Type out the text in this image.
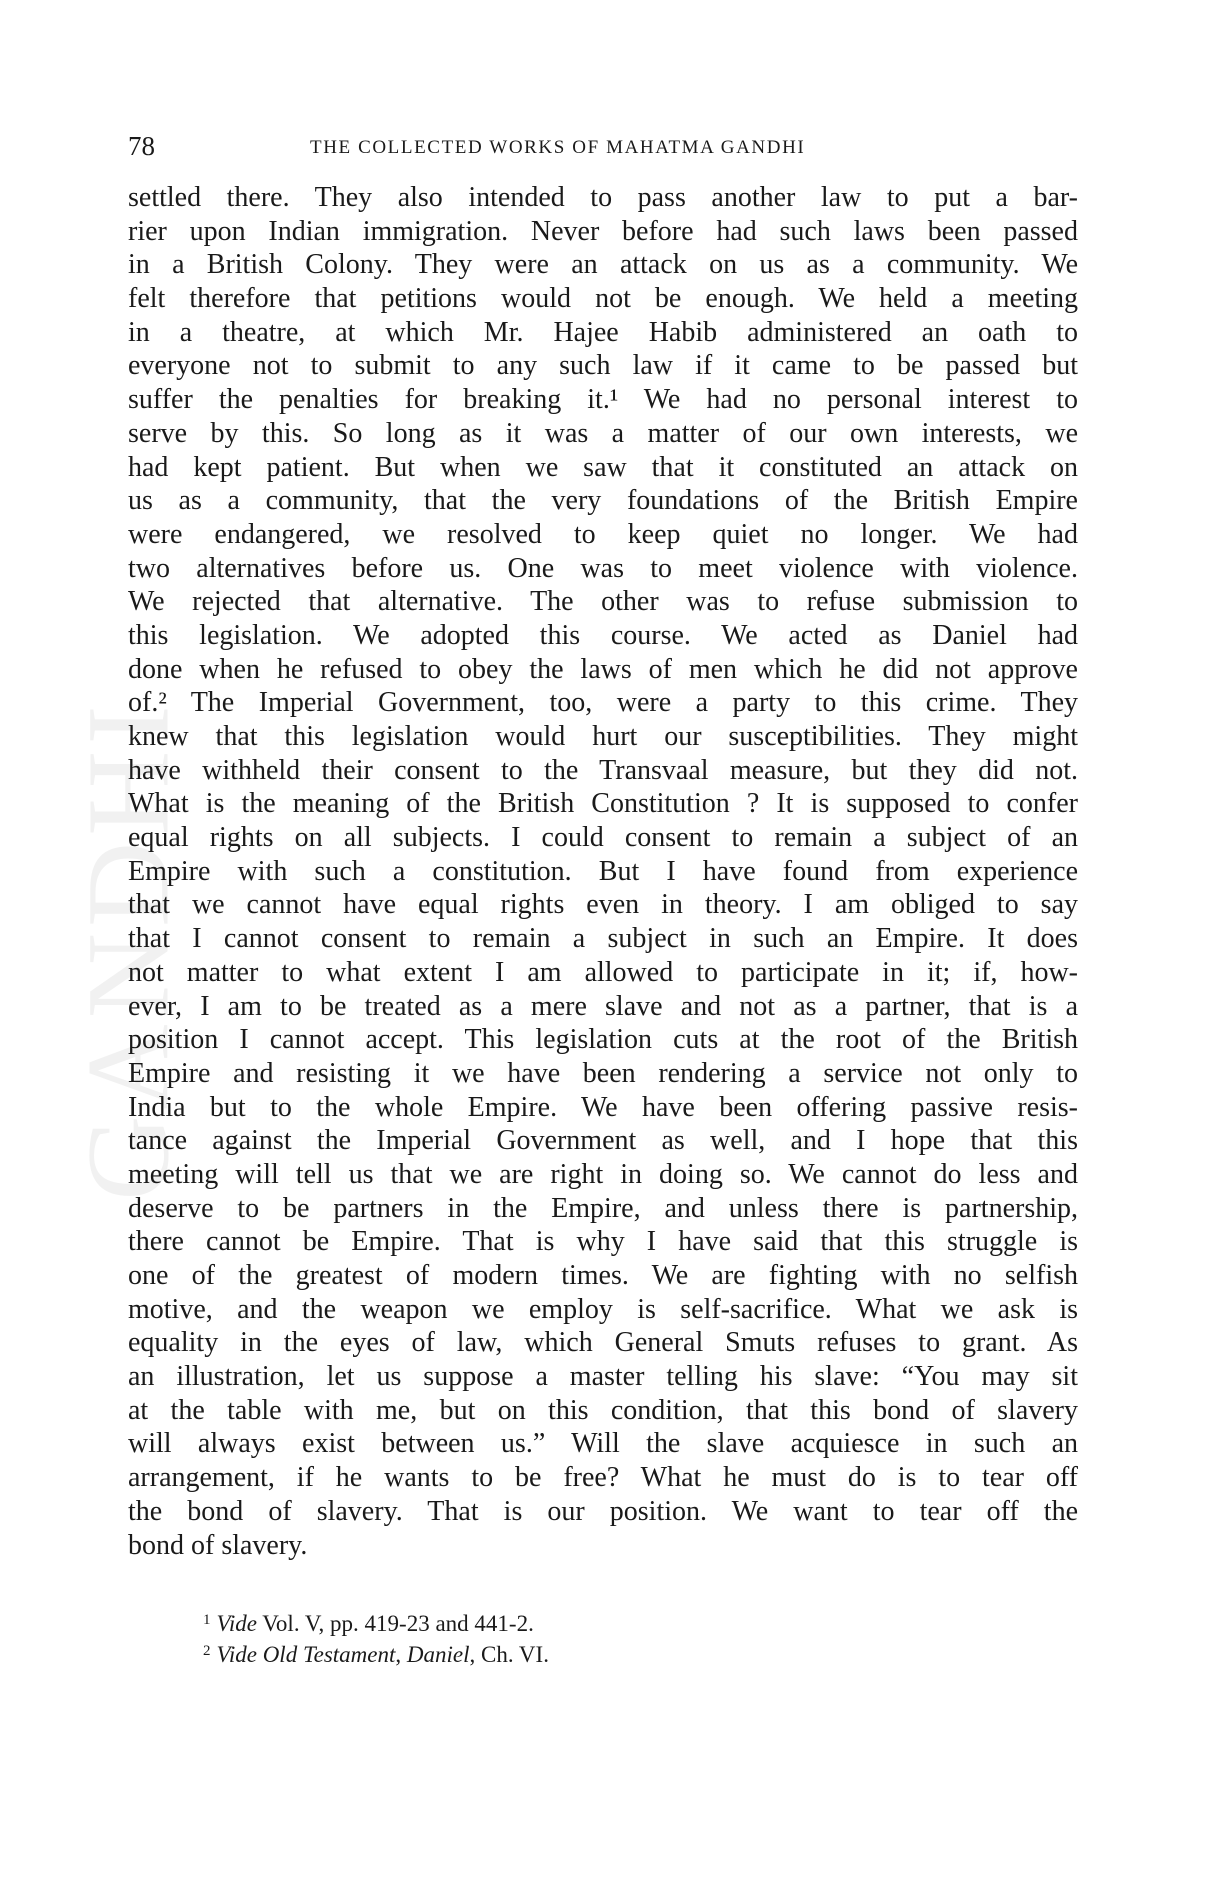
GANDHI
78	THE COLLECTED WORKS OF MAHATMA GANDHI
settled there. They also intended to pass another law to put a bar-
rier upon Indian immigration. Never before had such laws been passed
in a British Colony. They were an attack on us as a community. We
felt therefore that petitions would not be enough. We held a meeting
in a theatre, at which Mr. Hajee Habib administered an oath to
everyone not to submit to any such law if it came to be passed but
suffer the penalties for breaking it.¹ We had no personal interest to
serve by this. So long as it was a matter of our own interests, we
had kept patient. But when we saw that it constituted an attack on
us as a community, that the very foundations of the British Empire
were endangered, we resolved to keep quiet no longer. We had
two alternatives before us. One was to meet violence with violence.
We rejected that alternative. The other was to refuse submission to
this legislation. We adopted this course. We acted as Daniel had
done when he refused to obey the laws of men which he did not approve
of.² The Imperial Government, too, were a party to this crime. They
knew that this legislation would hurt our susceptibilities. They might
have withheld their consent to the Transvaal measure, but they did not.
What is the meaning of the British Constitution ? It is supposed to confer
equal rights on all subjects. I could consent to remain a subject of an
Empire with such a constitution. But I have found from experience
that we cannot have equal rights even in theory. I am obliged to say
that I cannot consent to remain a subject in such an Empire. It does
not matter to what extent I am allowed to participate in it; if, how-
ever, I am to be treated as a mere slave and not as a partner, that is a
position I cannot accept. This legislation cuts at the root of the British
Empire and resisting it we have been rendering a service not only to
India but to the whole Empire. We have been offering passive resis-
tance against the Imperial Government as well, and I hope that this
meeting will tell us that we are right in doing so. We cannot do less and
deserve to be partners in the Empire, and unless there is partnership,
there cannot be Empire. That is why I have said that this struggle is
one of the greatest of modern times. We are fighting with no selfish
motive, and the weapon we employ is self-sacrifice. What we ask is
equality in the eyes of law, which General Smuts refuses to grant. As
an illustration, let us suppose a master telling his slave: “You may sit
at the table with me, but on this condition, that this bond of slavery
will always exist between us.” Will the slave acquiesce in such an
arrangement, if he wants to be free? What he must do is to tear off
the bond of slavery. That is our position. We want to tear off the
bond of slavery.
$^1$ Vide Vol. V, pp. 419-23 and 441-2.
$^2$ Vide Old Testament, Daniel, Ch. VI.
